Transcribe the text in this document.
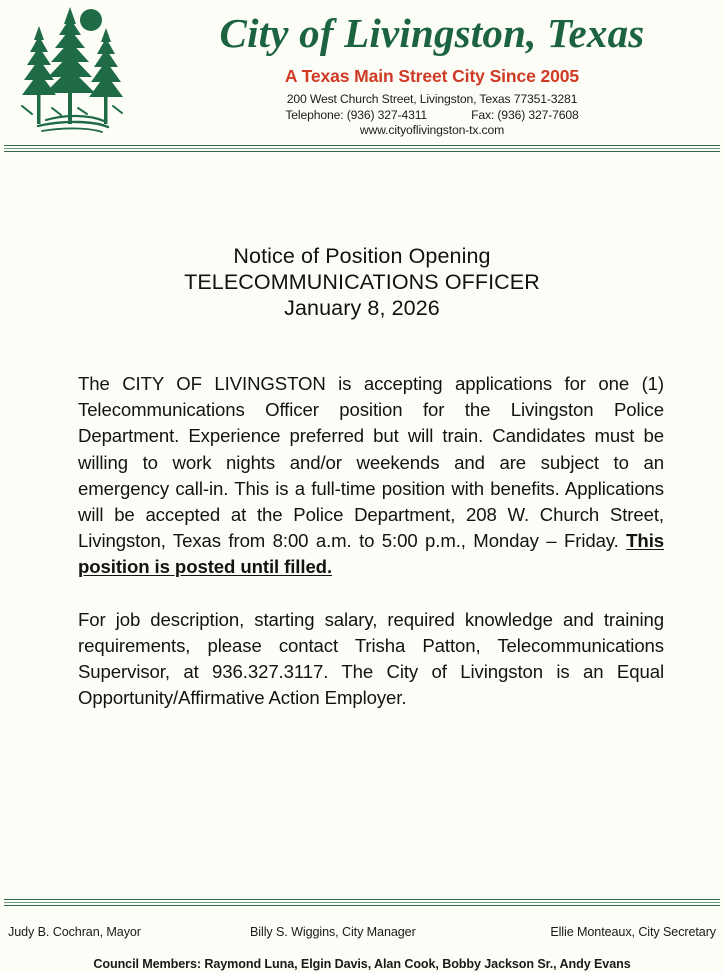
City of Livingston, Texas
A Texas Main Street City Since 2005
200 West Church Street, Livingston, Texas 77351-3281
Telephone: (936) 327-4311	Fax: (936) 327-7608
www.cityoflivingston-tx.com
Notice of Position Opening
TELECOMMUNICATIONS OFFICER
January 8, 2026

The CITY OF LIVINGSTON is accepting applications for one (1) Telecommunications Officer position for the Livingston Police Department. Experience preferred but will train. Candidates must be willing to work nights and/or weekends and are subject to an emergency call-in. This is a full-time position with benefits. Applications will be accepted at the Police Department, 208 W. Church Street, Livingston, Texas from 8:00 a.m. to 5:00 p.m., Monday – Friday. This position is posted until filled.

For job description, starting salary, required knowledge and training requirements, please contact Trisha Patton, Telecommunications Supervisor, at 936.327.3117. The City of Livingston is an Equal Opportunity/Affirmative Action Employer.

Judy B. Cochran, Mayor	Billy S. Wiggins, City Manager	Ellie Monteaux, City Secretary
Council Members: Raymond Luna, Elgin Davis, Alan Cook, Bobby Jackson Sr., Andy Evans
